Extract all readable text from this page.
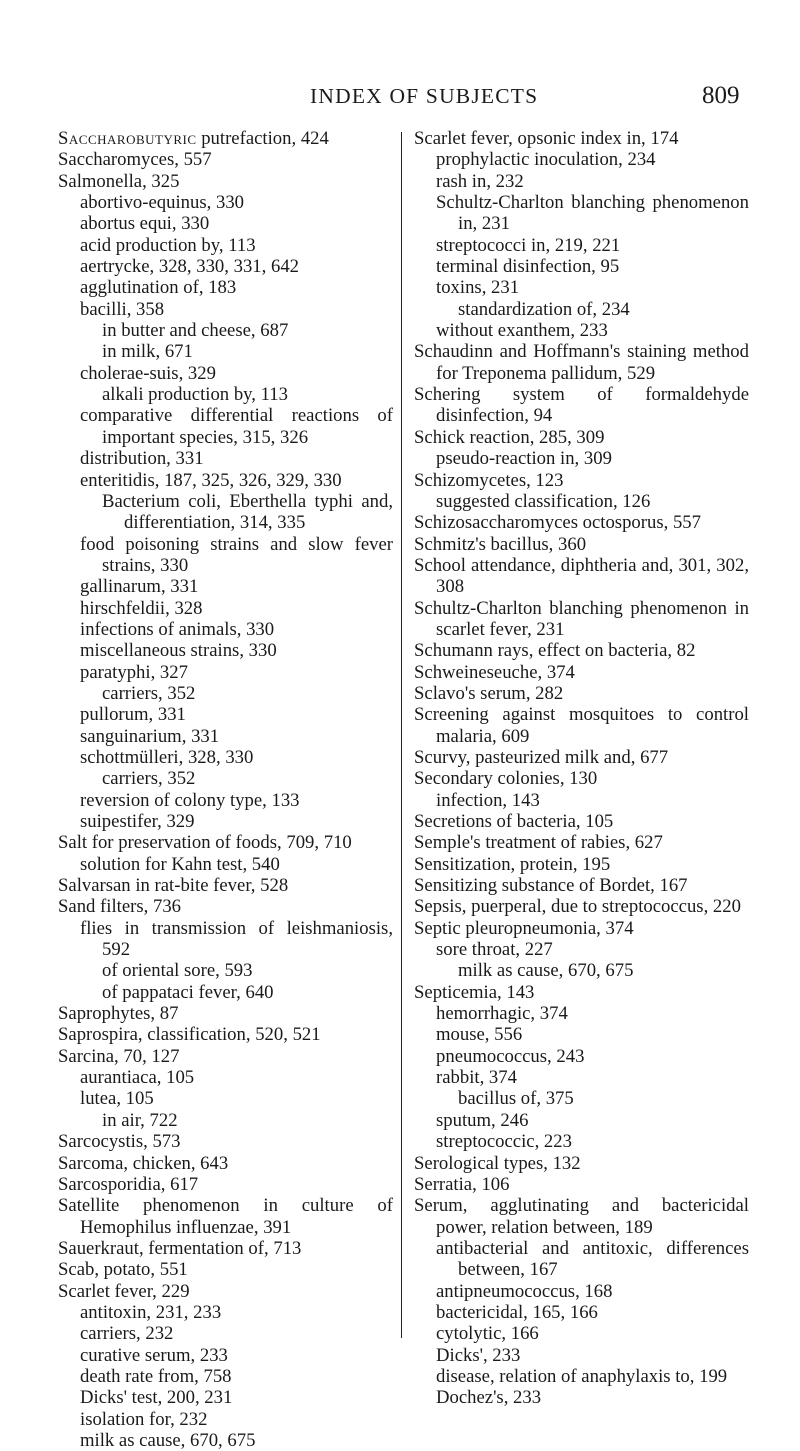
INDEX OF SUBJECTS	809
Saccharobutyric putrefaction, 424
Saccharomyces, 557
Salmonella, 325
abortivo-equinus, 330
abortus equi, 330
acid production by, 113
aertrycke, 328, 330, 331, 642
agglutination of, 183
bacilli, 358
in butter and cheese, 687
in milk, 671
cholerae-suis, 329
alkali production by, 113
comparative differential reactions of important species, 315, 326
distribution, 331
enteritidis, 187, 325, 326, 329, 330
Bacterium coli, Eberthella typhi and, differentiation, 314, 335
food poisoning strains and slow fever strains, 330
gallinarum, 331
hirschfeldii, 328
infections of animals, 330
miscellaneous strains, 330
paratyphi, 327
carriers, 352
pullorum, 331
sanguinarium, 331
schottmülleri, 328, 330
carriers, 352
reversion of colony type, 133
suipestifer, 329
Salt for preservation of foods, 709, 710
solution for Kahn test, 540
Salvarsan in rat-bite fever, 528
Sand filters, 736
flies in transmission of leishmaniosis, 592
of oriental sore, 593
of pappataci fever, 640
Saprophytes, 87
Saprospira, classification, 520, 521
Sarcina, 70, 127
aurantiaca, 105
lutea, 105
in air, 722
Sarcocystis, 573
Sarcoma, chicken, 643
Sarcosporidia, 617
Satellite phenomenon in culture of Hemophilus influenzae, 391
Sauerkraut, fermentation of, 713
Scab, potato, 551
Scarlet fever, 229
antitoxin, 231, 233
carriers, 232
curative serum, 233
death rate from, 758
Dicks' test, 200, 231
isolation for, 232
milk as cause, 670, 675
Scarlet fever, opsonic index in, 174
prophylactic inoculation, 234
rash in, 232
Schultz-Charlton blanching phenomenon in, 231
streptococci in, 219, 221
terminal disinfection, 95
toxins, 231
standardization of, 234
without exanthem, 233
Schaudinn and Hoffmann's staining method for Treponema pallidum, 529
Schering system of formaldehyde disinfection, 94
Schick reaction, 285, 309
pseudo-reaction in, 309
Schizomycetes, 123
suggested classification, 126
Schizosaccharomyces octosporus, 557
Schmitz's bacillus, 360
School attendance, diphtheria and, 301, 302, 308
Schultz-Charlton blanching phenomenon in scarlet fever, 231
Schumann rays, effect on bacteria, 82
Schweineseuche, 374
Sclavo's serum, 282
Screening against mosquitoes to control malaria, 609
Scurvy, pasteurized milk and, 677
Secondary colonies, 130
infection, 143
Secretions of bacteria, 105
Semple's treatment of rabies, 627
Sensitization, protein, 195
Sensitizing substance of Bordet, 167
Sepsis, puerperal, due to streptococcus, 220
Septic pleuropneumonia, 374
sore throat, 227
milk as cause, 670, 675
Septicemia, 143
hemorrhagic, 374
mouse, 556
pneumococcus, 243
rabbit, 374
bacillus of, 375
sputum, 246
streptococcic, 223
Serological types, 132
Serratia, 106
Serum, agglutinating and bactericidal power, relation between, 189
antibacterial and antitoxic, differences between, 167
antipneumococcus, 168
bactericidal, 165, 166
cytolytic, 166
Dicks', 233
disease, relation of anaphylaxis to, 199
Dochez's, 233
